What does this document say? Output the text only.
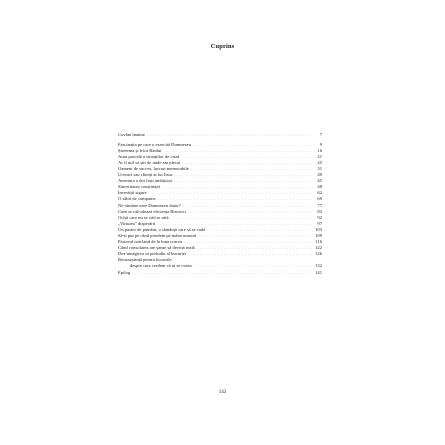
Cuprins
Cuvânt înainte . . .	7
Fascinația pe care o exercită Dumnezeu . . .	9
Șiretenia și frica Răului . . .	16
Aura pascală a situațiilor de criză . . .	21
Ar fi util să știi de unde am plecat . . .	25
Oameni de succes, lucruri memorabile . . .	31
Ucenici sau clienți ai lui Iisus . . .	40
Aventura a doi frați ambițioși . . .	45
Sinceritatea conștiinței . . .	48
Investiții sigure . . .	62
O săbii de companie . . .	69
Ne rămâne oare Dumnezeu dator? . . .	77
Cum se calculează eficiența Bisericii . . .	83
Ochii care nu se văd se uită . . .	92
„Virtutea” disperării . . .	97
Un pastor de pământ, o sâmânță care să se cadă . . .	103
Să-ți pui pe când pierdem pe mâna noastră . . .	109
Pastorul orăcland de la luna crucea . . .	116
Când consolarea are șanse să devină reală . . .	122
Dez-amăgirea ca preludiu al bucuriei . . .	126
Recunoștință pentru lucrurile
despre care credem că ni se cuvin . . .	132
Epilog . . .	141
143
